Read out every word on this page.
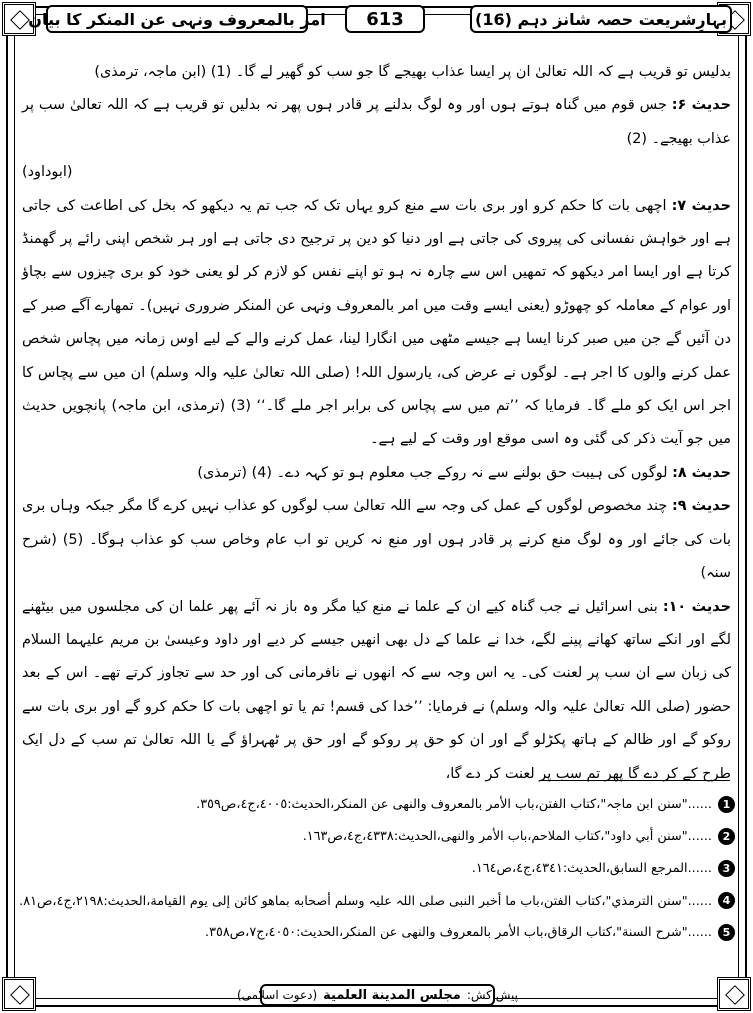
بہارِشریعت حصہ شانز دہم (16)
613
امر بالمعروف ونہی عن المنکر کا بیان

بدلیس تو قریب ہے کہ اللہ تعالیٰ ان پر ایسا عذاب بھیجے گا جو سب کو گھیر لے گا۔ (1) (ابن ماجہ، ترمذی)

حدیث ۶: جس قوم میں گناہ ہوتے ہوں اور وہ لوگ بدلنے پر قادر ہوں پھر نہ بدلیں تو قریب ہے کہ اللہ تعالیٰ سب پر عذاب بھیجے۔ (2)
(ابوداود)

حدیث ۷: اچھی بات کا حکم کرو اور بری بات سے منع کرو یہاں تک کہ جب تم یہ دیکھو کہ بخل کی اطاعت کی جاتی ہے اور خواہش نفسانی کی پیروی کی جاتی ہے اور دنیا کو دین پر ترجیح دی جاتی ہے اور ہر شخص اپنی رائے پر گھمنڈ کرتا ہے اور ایسا امر دیکھو کہ تمھیں اس سے چارہ نہ ہو تو اپنے نفس کو لازم کر لو یعنی خود کو بری چیزوں سے بچاؤ اور عوام کے معاملہ کو چھوڑو (یعنی ایسے وقت میں امر بالمعروف ونہی عن المنکر ضروری نہیں)۔ تمھارے آگے صبر کے دن آئیں گے جن میں صبر کرنا ایسا ہے جیسے مٹھی میں انگارا لینا، عمل کرنے والے کے لیے اوس زمانہ میں پچاس شخص عمل کرنے والوں کا اجر ہے۔ لوگوں نے عرض کی، یارسول اللہ! (صلی اللہ تعالیٰ علیہ والہ وسلم) ان میں سے پچاس کا اجر اس ایک کو ملے گا۔ فرمایا کہ ’’تم میں سے پچاس کی برابر اجر ملے گا۔‘‘ (3) (ترمذی، ابن ماجہ) پانچویں حدیث میں جو آیت ذکر کی گئی وہ اسی موقع اور وقت کے لیے ہے۔

حدیث ۸: لوگوں کی ہیبت حق بولنے سے نہ روکے جب معلوم ہو تو کہہ دے۔ (4) (ترمذی)

حدیث ۹: چند مخصوص لوگوں کے عمل کی وجہ سے اللہ تعالیٰ سب لوگوں کو عذاب نہیں کرے گا مگر جبکہ وہاں بری بات کی جائے اور وہ لوگ منع کرنے پر قادر ہوں اور منع نہ کریں تو اب عام وخاص سب کو عذاب ہوگا۔ (5) (شرح سنہ)

حدیث ۱۰: بنی اسرائیل نے جب گناہ کیے ان کے علما نے منع کیا مگر وہ باز نہ آئے پھر علما ان کی مجلسوں میں بیٹھنے لگے اور انکے ساتھ کھانے پینے لگے، خدا نے علما کے دل بھی انھیں جیسے کر دیے اور داود وعیسیٰ بن مریم علیہما السلام کی زبان سے ان سب پر لعنت کی۔ یہ اس وجہ سے کہ انھوں نے نافرمانی کی اور حد سے تجاوز کرتے تھے۔ اس کے بعد حضور (صلی اللہ تعالیٰ علیہ والہ وسلم) نے فرمایا: ’’خدا کی قسم! تم یا تو اچھی بات کا حکم کرو گے اور بری بات سے روکو گے اور ظالم کے ہاتھ پکڑلو گے اور ان کو حق پر روکو گے اور حق پر ٹھہراؤ گے یا اللہ تعالیٰ تم سب کے دل ایک طرح کے کر دے گا پھر تم سب پر لعنت کر دے گا،

1
......"سنن ابن ماجہ"،کتاب الفتن،باب الأمر بالمعروف والنهی عن المنکر،الحدیث:٤٠٠٥،ج٤،ص٣٥٩.
2
......"سنن أبي داود"،کتاب الملاحم،باب الأمر والنهی،الحدیث:٤٣٣٨،ج٤،ص١٦٣.
3
......المرجع السابق،الحدیث:٤٣٤١،ج٤،ص١٦٤.
4
......"سنن الترمذي"،کتاب الفتن،باب ما أخبر النبی صلی اللہ علیہ وسلم أصحابه بماهو کائن إلی یوم القیامة،الحدیث:٢١٩٨،ج٤،ص٨١.
5
......"شرح السنة"،کتاب الرقاق،باب الأمر بالمعروف والنهی عن المنکر،الحدیث:٤٠٥٠،ج٧،ص٣٥٨.
پیش کش:
مجلس المدینة العلمیة
(دعوت اسلامی)
